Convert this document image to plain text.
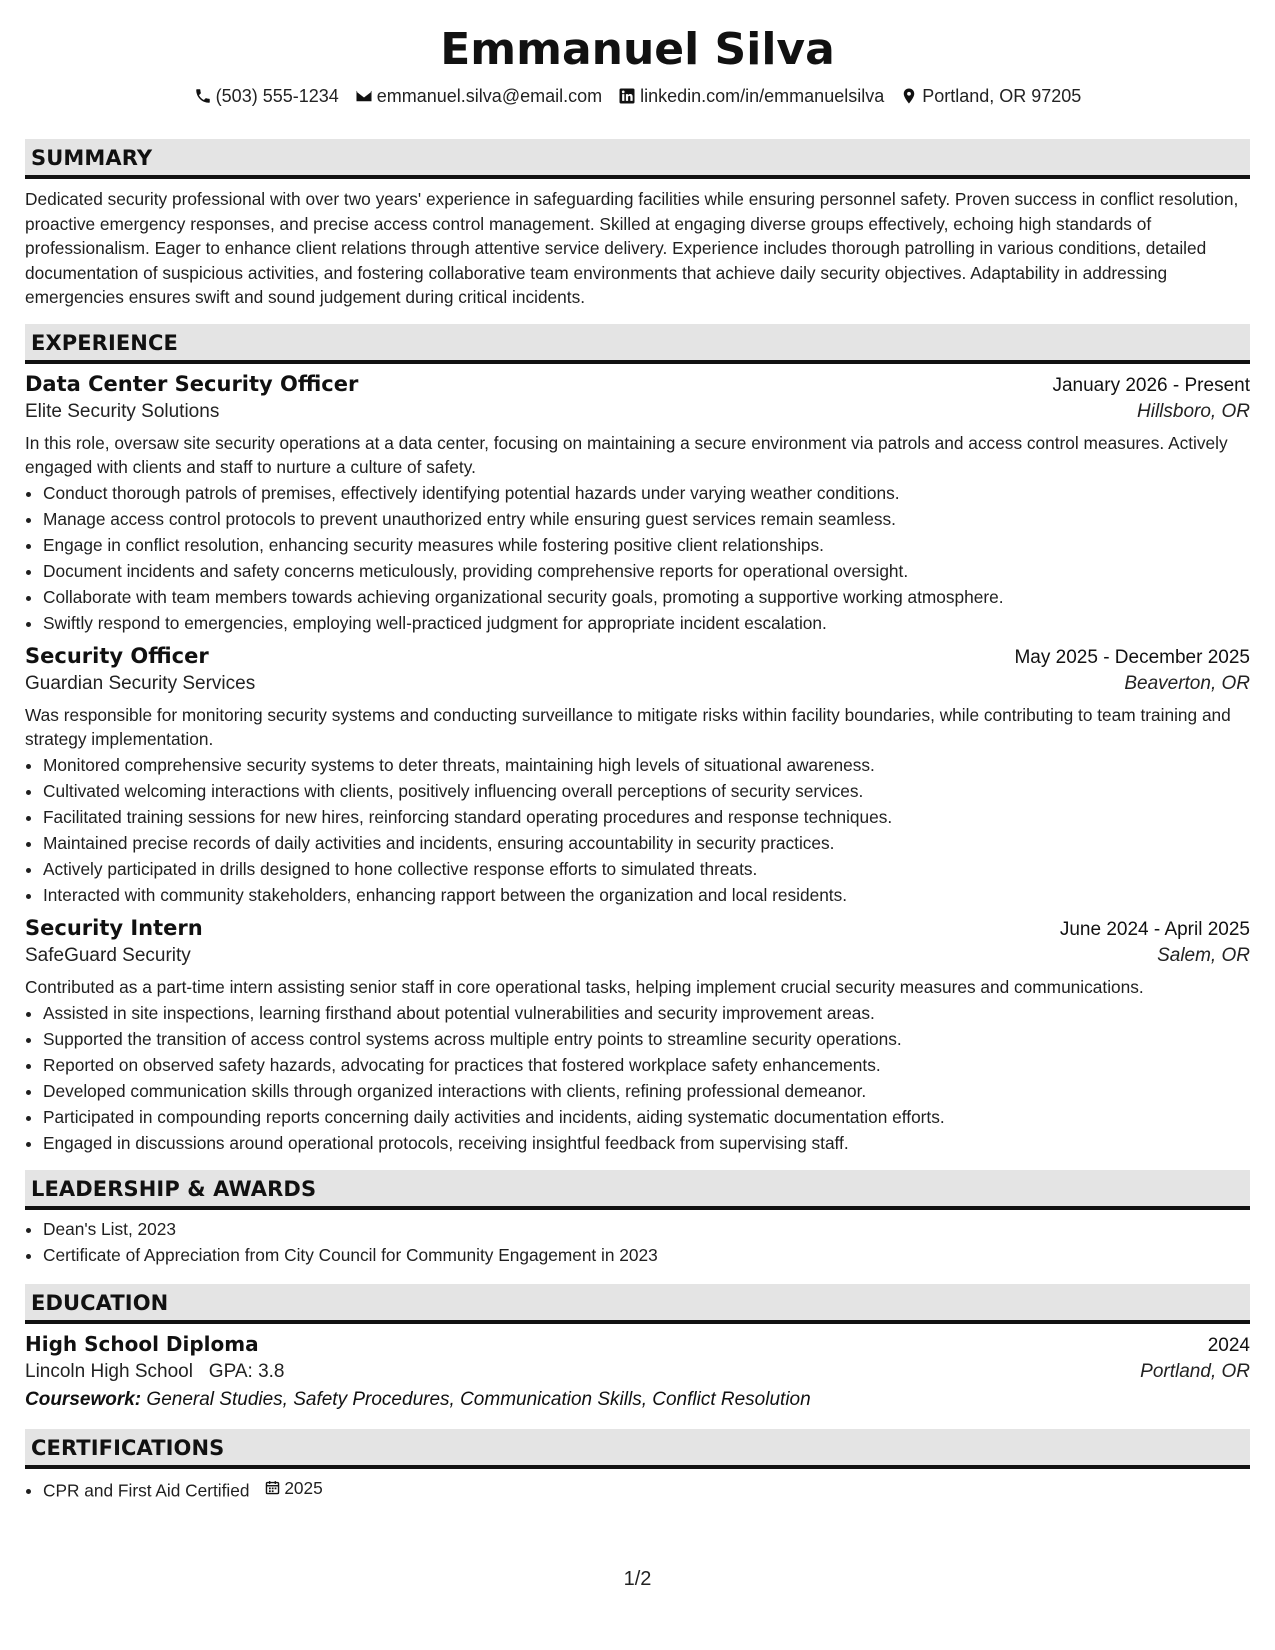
Emmanuel Silva
(503) 555-1234 emmanuel.silva@email.com linkedin.com/in/emmanuelsilva Portland, OR 97205
SUMMARY
Dedicated security professional with over two years' experience in safeguarding facilities while ensuring personnel safety. Proven success in conflict resolution, proactive emergency responses, and precise access control management. Skilled at engaging diverse groups effectively, echoing high standards of professionalism. Eager to enhance client relations through attentive service delivery. Experience includes thorough patrolling in various conditions, detailed documentation of suspicious activities, and fostering collaborative team environments that achieve daily security objectives. Adaptability in addressing emergencies ensures swift and sound judgement during critical incidents.
EXPERIENCE
Data Center Security Officer	January 2026 - Present
Elite Security Solutions	Hillsboro, OR
In this role, oversaw site security operations at a data center, focusing on maintaining a secure environment via patrols and access control measures. Actively engaged with clients and staff to nurture a culture of safety.
• Conduct thorough patrols of premises, effectively identifying potential hazards under varying weather conditions.
• Manage access control protocols to prevent unauthorized entry while ensuring guest services remain seamless.
• Engage in conflict resolution, enhancing security measures while fostering positive client relationships.
• Document incidents and safety concerns meticulously, providing comprehensive reports for operational oversight.
• Collaborate with team members towards achieving organizational security goals, promoting a supportive working atmosphere.
• Swiftly respond to emergencies, employing well-practiced judgment for appropriate incident escalation.
Security Officer	May 2025 - December 2025
Guardian Security Services	Beaverton, OR
Was responsible for monitoring security systems and conducting surveillance to mitigate risks within facility boundaries, while contributing to team training and strategy implementation.
• Monitored comprehensive security systems to deter threats, maintaining high levels of situational awareness.
• Cultivated welcoming interactions with clients, positively influencing overall perceptions of security services.
• Facilitated training sessions for new hires, reinforcing standard operating procedures and response techniques.
• Maintained precise records of daily activities and incidents, ensuring accountability in security practices.
• Actively participated in drills designed to hone collective response efforts to simulated threats.
• Interacted with community stakeholders, enhancing rapport between the organization and local residents.
Security Intern	June 2024 - April 2025
SafeGuard Security	Salem, OR
Contributed as a part-time intern assisting senior staff in core operational tasks, helping implement crucial security measures and communications.
• Assisted in site inspections, learning firsthand about potential vulnerabilities and security improvement areas.
• Supported the transition of access control systems across multiple entry points to streamline security operations.
• Reported on observed safety hazards, advocating for practices that fostered workplace safety enhancements.
• Developed communication skills through organized interactions with clients, refining professional demeanor.
• Participated in compounding reports concerning daily activities and incidents, aiding systematic documentation efforts.
• Engaged in discussions around operational protocols, receiving insightful feedback from supervising staff.
LEADERSHIP & AWARDS
• Dean's List, 2023
• Certificate of Appreciation from City Council for Community Engagement in 2023
EDUCATION
High School Diploma	2024
Lincoln High School GPA: 3.8	Portland, OR
Coursework: General Studies, Safety Procedures, Communication Skills, Conflict Resolution
CERTIFICATIONS
• CPR and First Aid Certified 2025
1/2
